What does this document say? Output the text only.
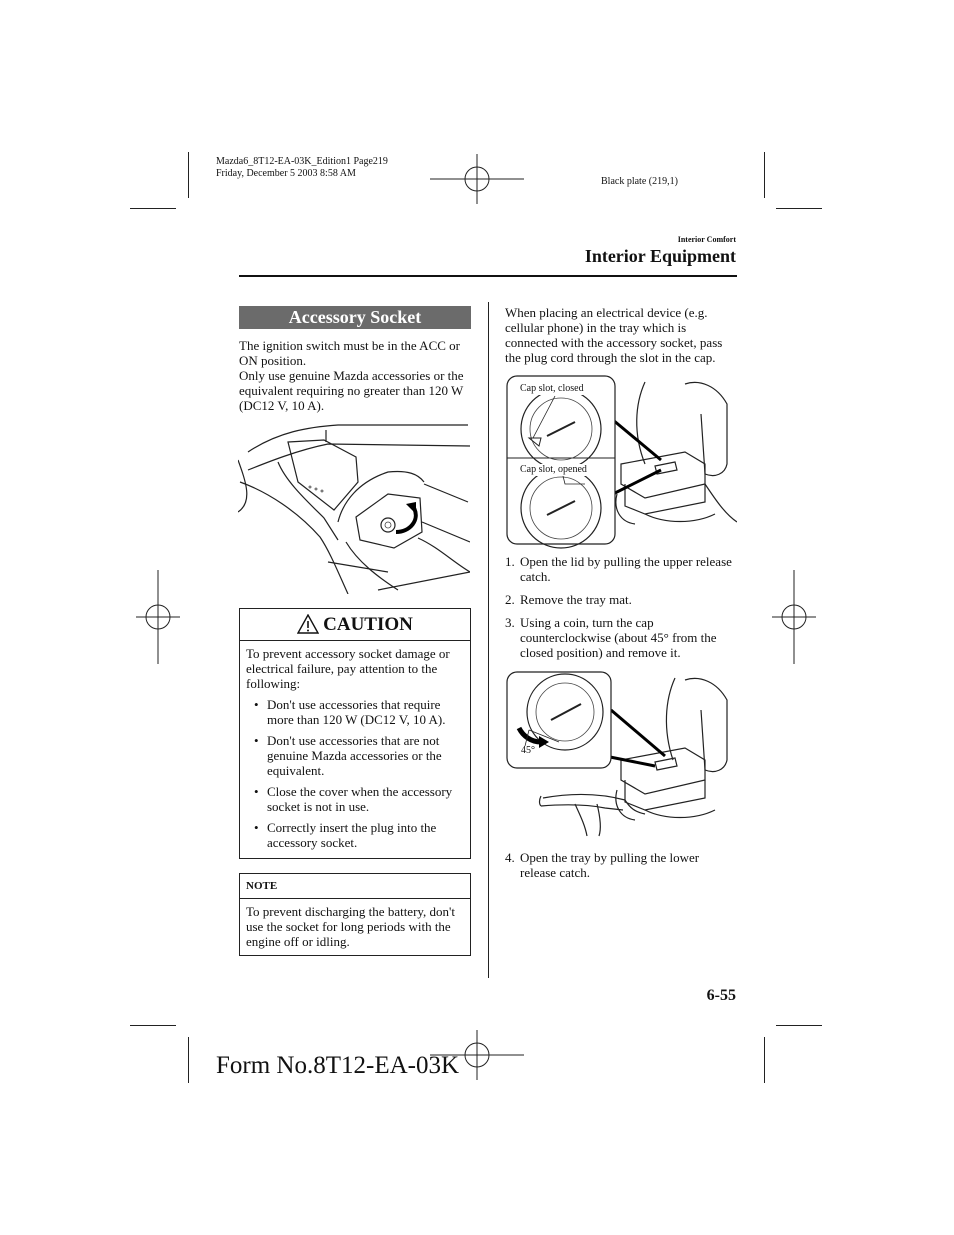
Mazda6_8T12-EA-03K_Edition1 Page219
Friday, December 5 2003 8:58 AM
Black plate (219,1)
Interior Comfort
Interior Equipment
Accessory Socket
The ignition switch must be in the ACC or ON position.
Only use genuine Mazda accessories or the equivalent requiring no greater than 120 W (DC12 V, 10 A).
CAUTION
To prevent accessory socket damage or electrical failure, pay attention to the following:
• Don't use accessories that require more than 120 W (DC12 V, 10 A).
• Don't use accessories that are not genuine Mazda accessories or the equivalent.
• Close the cover when the accessory socket is not in use.
• Correctly insert the plug into the accessory socket.
NOTE
To prevent discharging the battery, don't use the socket for long periods with the engine off or idling.
When placing an electrical device (e.g. cellular phone) in the tray which is connected with the accessory socket, pass the plug cord through the slot in the cap.
Cap slot, closed
Cap slot, opened
1. Open the lid by pulling the upper release catch.
2. Remove the tray mat.
3. Using a coin, turn the cap counterclockwise (about 45° from the closed position) and remove it.
45°
4. Open the tray by pulling the lower release catch.
6-55
Form No.8T12-EA-03K
